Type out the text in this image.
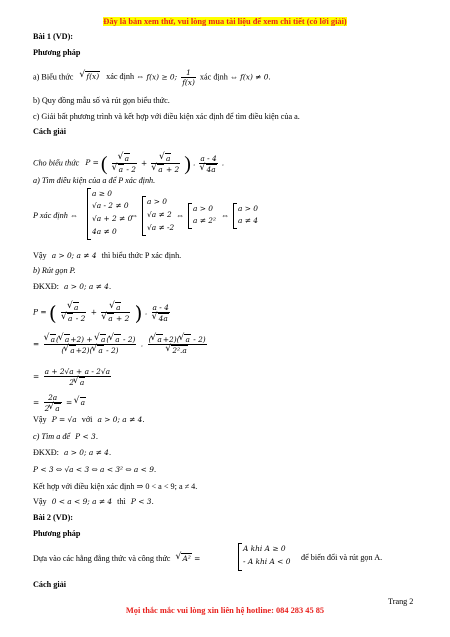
Đây là bản xem thử, vui lòng mua tài liệu để xem chi tiết (có lời giải)
Bài 1 (VD):
Phương pháp
a) Biểu thức √ f(x) xác định ⇔ f(x) ≥ 0; $\frac{1}{f(x)}$ xác định ⇔ f(x) ≠ 0.
b) Quy đồng mẫu số và rút gọn biểu thức.
c) Giải bất phương trình và kết hợp với điều kiện xác định để tìm điều kiện của a.
Cách giải
Cho biểu thức P = ( √ a
√ a - 2 + √ a
√ a + 2 ) . a - 4
√ 4a .
a) Tìm điều kiện của a để P xác định.
P xác định ⇔
a ≥ 0
√a - 2 ≠ 0
√a + 2 ≠ 0
4a ≠ 0
⇔
a > 0
√a ≠ 2
√a ≠ -2
⇔
a > 0
a ≠ 2²
⇔
a > 0
a ≠ 4
Vậy a > 0; a ≠ 4 thì biểu thức P xác định.
b) Rút gọn P.
ĐKXĐ: a > 0; a ≠ 4.
P = ( √ a
√ a - 2 + √ a
√ a + 2 ) . a - 4
√ 4a
= √ $\frac{a( √ a+2) + √ a( √ a - 2)}{( √ a+2)( √ a - 2)}$ . ( √ a+2)( √ a - 2)
√ 2².a
= $\frac{a + 2√a + a - 2√a}{2 √ a}$
= $\frac{2a}{2 √ a}$ = √ a
Vậy P = √a với a > 0; a ≠ 4.
c) Tìm a để P < 3.
ĐKXĐ: a > 0; a ≠ 4.
P < 3 ⇔ √a < 3 ⇔ a < 3² ⇔ a < 9.
Kết hợp với điều kiện xác định ⇒ 0 < a < 9; a ≠ 4.
Vậy 0 < a < 9; a ≠ 4 thì P < 3.
Bài 2 (VD):
Phương pháp
Dựa vào các hằng đẳng thức và công thức √ A² =
A khi A ≥ 0
- A khi A < 0 để biến đổi và rút gọn A.
Cách giải
Trang 2
Mọi thắc mắc vui lòng xin liên hệ hotline: 084 283 45 85
